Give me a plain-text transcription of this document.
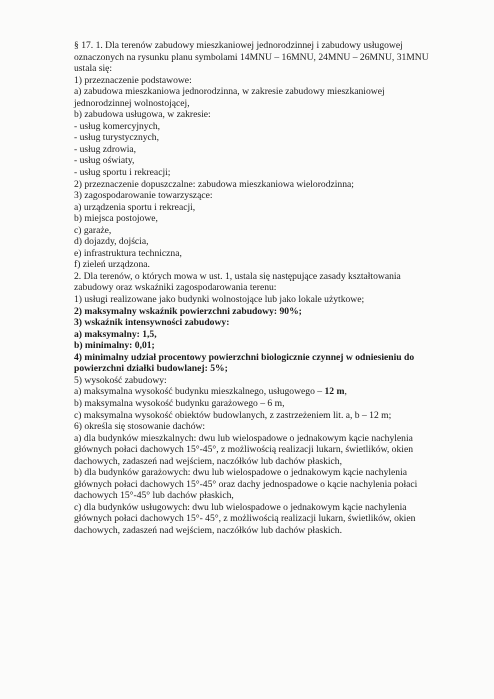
§ 17. 1. Dla terenów zabudowy mieszkaniowej jednorodzinnej i zabudowy usługowej
oznaczonych na rysunku planu symbolami 14MNU – 16MNU, 24MNU – 26MNU, 31MNU
ustala się:
1) przeznaczenie podstawowe:
a) zabudowa mieszkaniowa jednorodzinna, w zakresie zabudowy mieszkaniowej
jednorodzinnej wolnostojącej,
b) zabudowa usługowa, w zakresie:
- usług komercyjnych,
- usług turystycznych,
- usług zdrowia,
- usług oświaty,
- usług sportu i rekreacji;
2) przeznaczenie dopuszczalne: zabudowa mieszkaniowa wielorodzinna;
3) zagospodarowanie towarzyszące:
a) urządzenia sportu i rekreacji,
b) miejsca postojowe,
c) garaże,
d) dojazdy, dojścia,
e) infrastruktura techniczna,
f) zieleń urządzona.
2. Dla terenów, o których mowa w ust. 1, ustala się następujące zasady kształtowania
zabudowy oraz wskaźniki zagospodarowania terenu:
1) usługi realizowane jako budynki wolnostojące lub jako lokale użytkowe;
2) maksymalny wskaźnik powierzchni zabudowy: 90%;
3) wskaźnik intensywności zabudowy:
a) maksymalny: 1,5,
b) minimalny: 0,01;
4) minimalny udział procentowy powierzchni biologicznie czynnej w odniesieniu do
powierzchni działki budowlanej: 5%;
5) wysokość zabudowy:
a) maksymalna wysokość budynku mieszkalnego, usługowego – 12 m,
b) maksymalna wysokość budynku garażowego – 6 m,
c) maksymalna wysokość obiektów budowlanych, z zastrzeżeniem lit. a, b – 12 m;
6) określa się stosowanie dachów:
a) dla budynków mieszkalnych: dwu lub wielospadowe o jednakowym kącie nachylenia
głównych połaci dachowych 15°-45°, z możliwością realizacji lukarn, świetlików, okien
dachowych, zadaszeń nad wejściem, naczółków lub dachów płaskich,
b) dla budynków garażowych: dwu lub wielospadowe o jednakowym kącie nachylenia
głównych połaci dachowych 15°-45° oraz dachy jednospadowe o kącie nachylenia połaci
dachowych 15°-45° lub dachów płaskich,
c) dla budynków usługowych: dwu lub wielospadowe o jednakowym kącie nachylenia
głównych połaci dachowych 15°- 45°, z możliwością realizacji lukarn, świetlików, okien
dachowych, zadaszeń nad wejściem, naczółków lub dachów płaskich.
